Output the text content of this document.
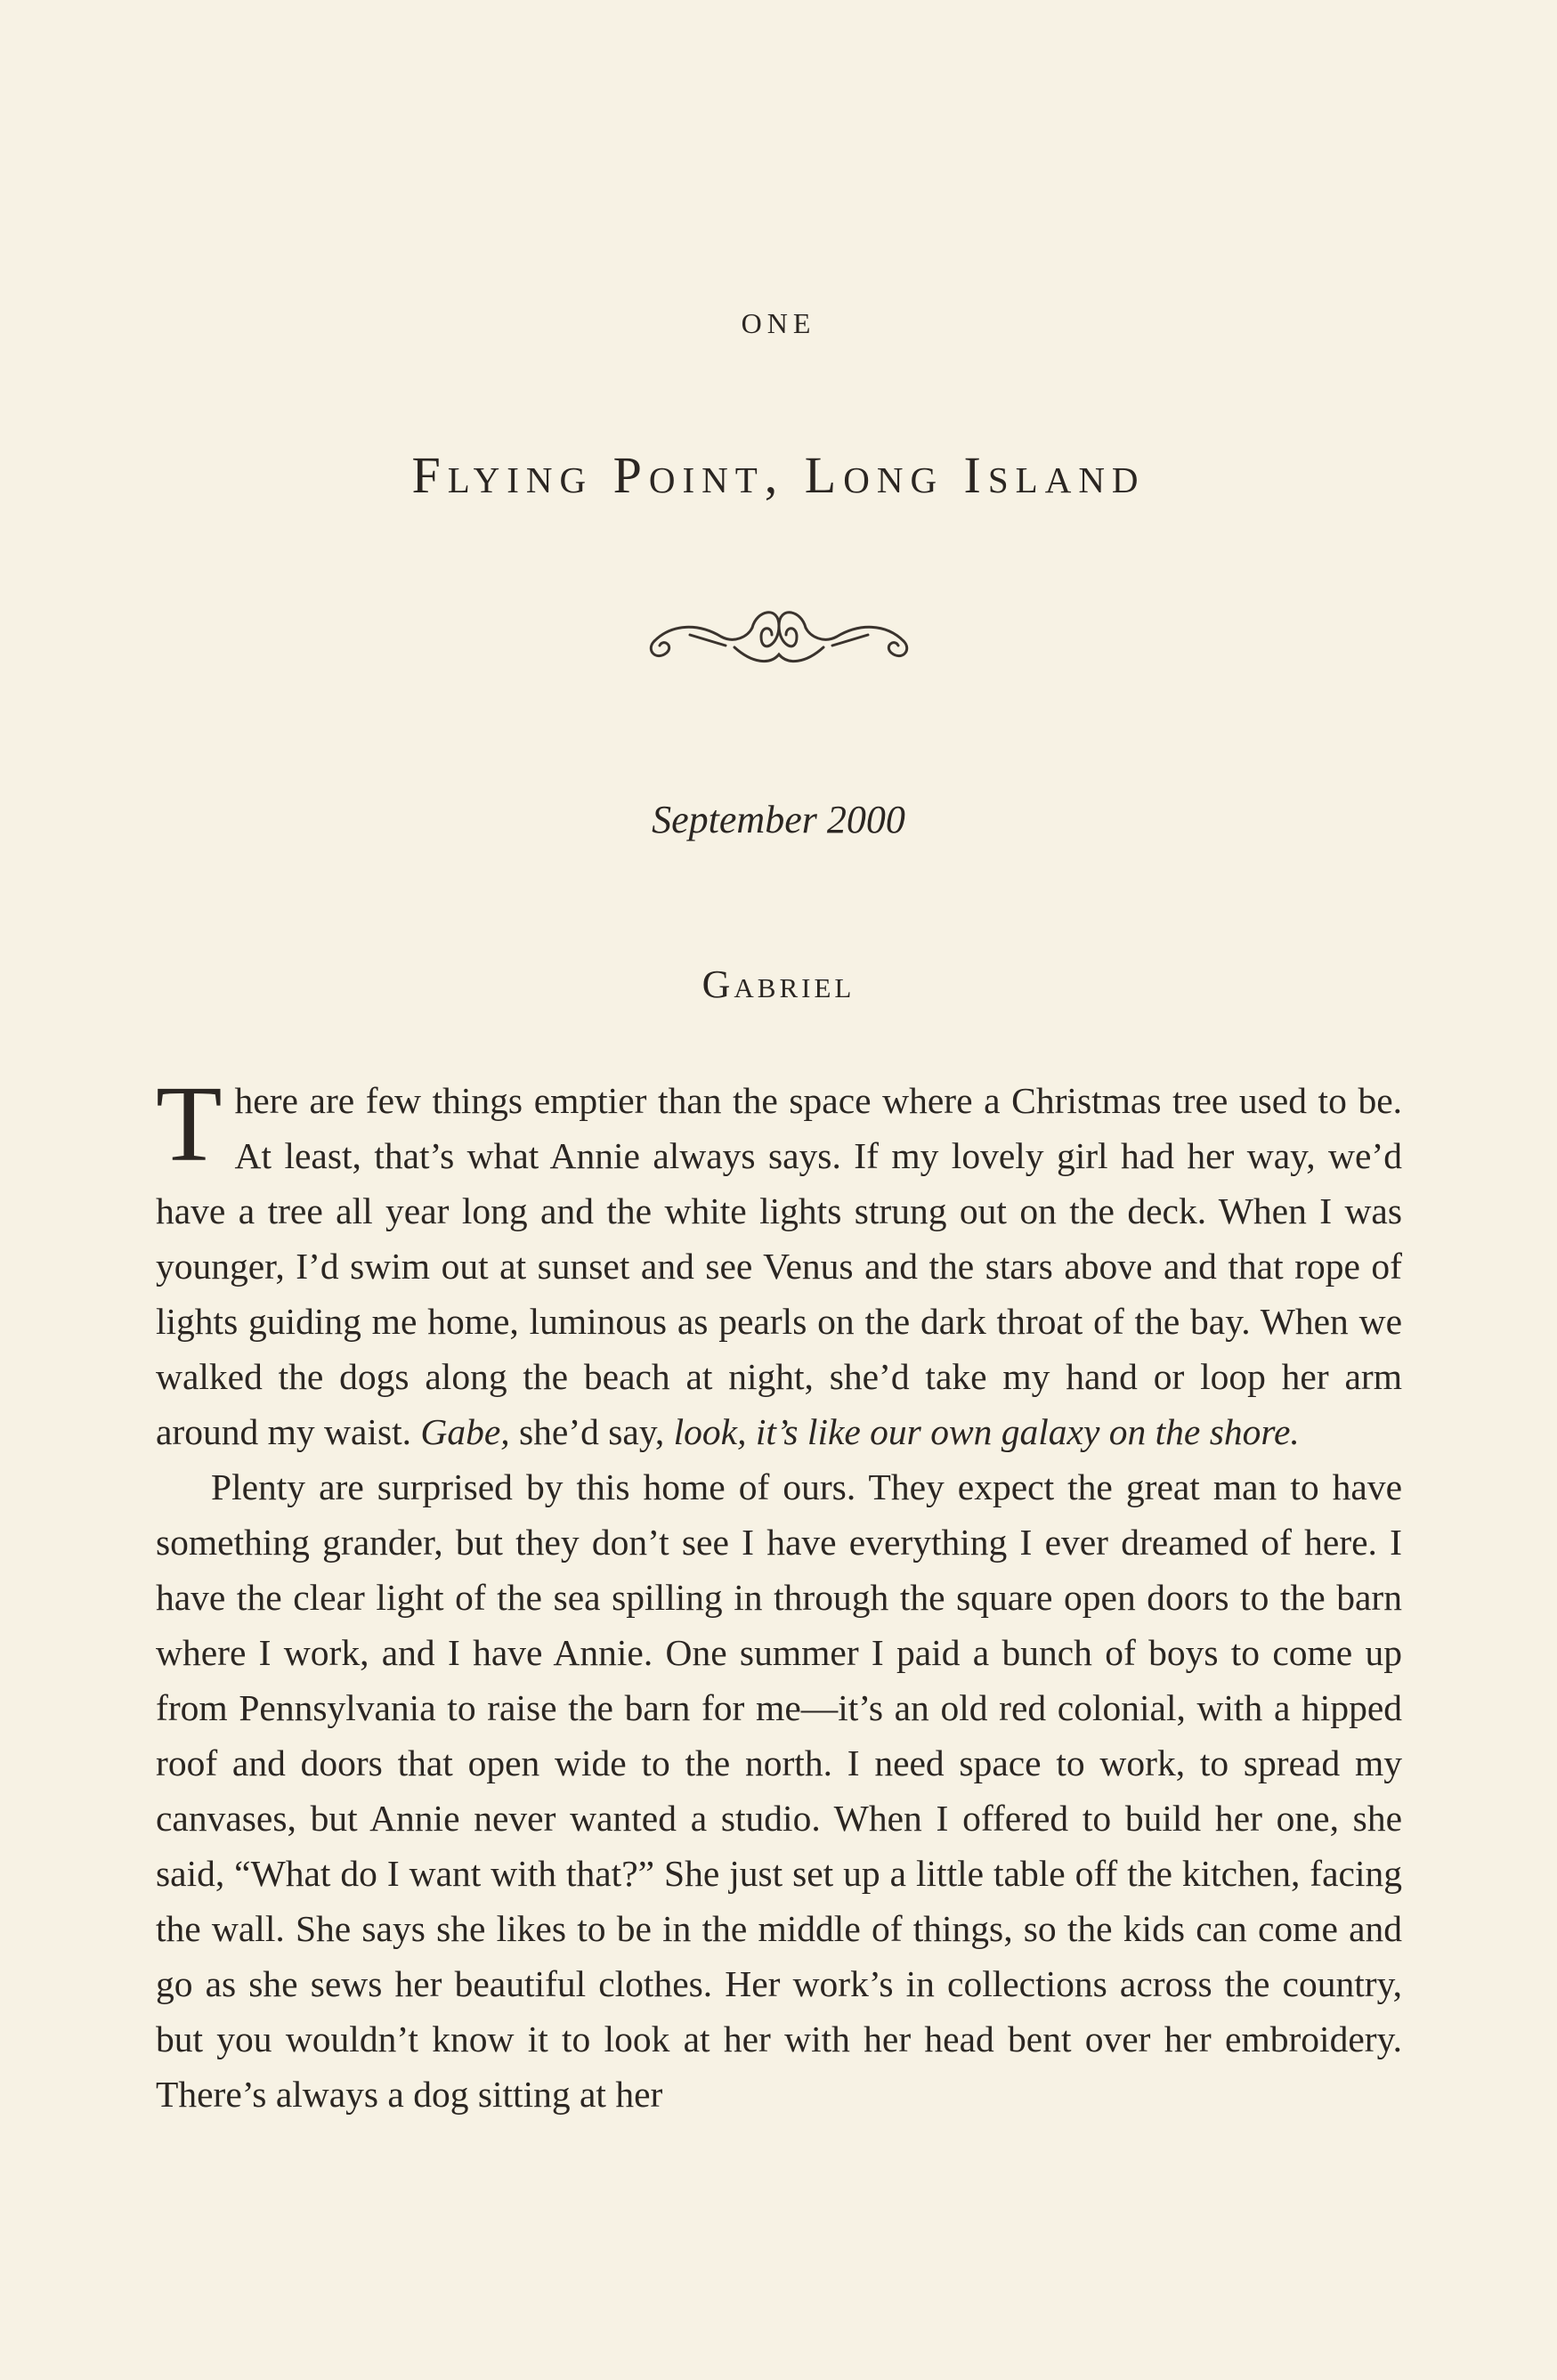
ONE
Flying Point, Long Island
September 2000
Gabriel

There are few things emptier than the space where a Christmas tree used to be. At least, that’s what Annie always says. If my lovely girl had her way, we’d have a tree all year long and the white lights strung out on the deck. When I was younger, I’d swim out at sunset and see Venus and the stars above and that rope of lights guiding me home, luminous as pearls on the dark throat of the bay. When we walked the dogs along the beach at night, she’d take my hand or loop her arm around my waist. Gabe, she’d say, look, it’s like our own galaxy on the shore.

Plenty are surprised by this home of ours. They expect the great man to have something grander, but they don’t see I have everything I ever dreamed of here. I have the clear light of the sea spilling in through the square open doors to the barn where I work, and I have Annie. One summer I paid a bunch of boys to come up from Pennsylvania to raise the barn for me—it’s an old red colonial, with a hipped roof and doors that open wide to the north. I need space to work, to spread my canvases, but Annie never wanted a studio. When I offered to build her one, she said, “What do I want with that?” She just set up a little table off the kitchen, facing the wall. She says she likes to be in the middle of things, so the kids can come and go as she sews her beautiful clothes. Her work’s in collections across the country, but you wouldn’t know it to look at her with her head bent over her embroidery. There’s always a dog sitting at her
